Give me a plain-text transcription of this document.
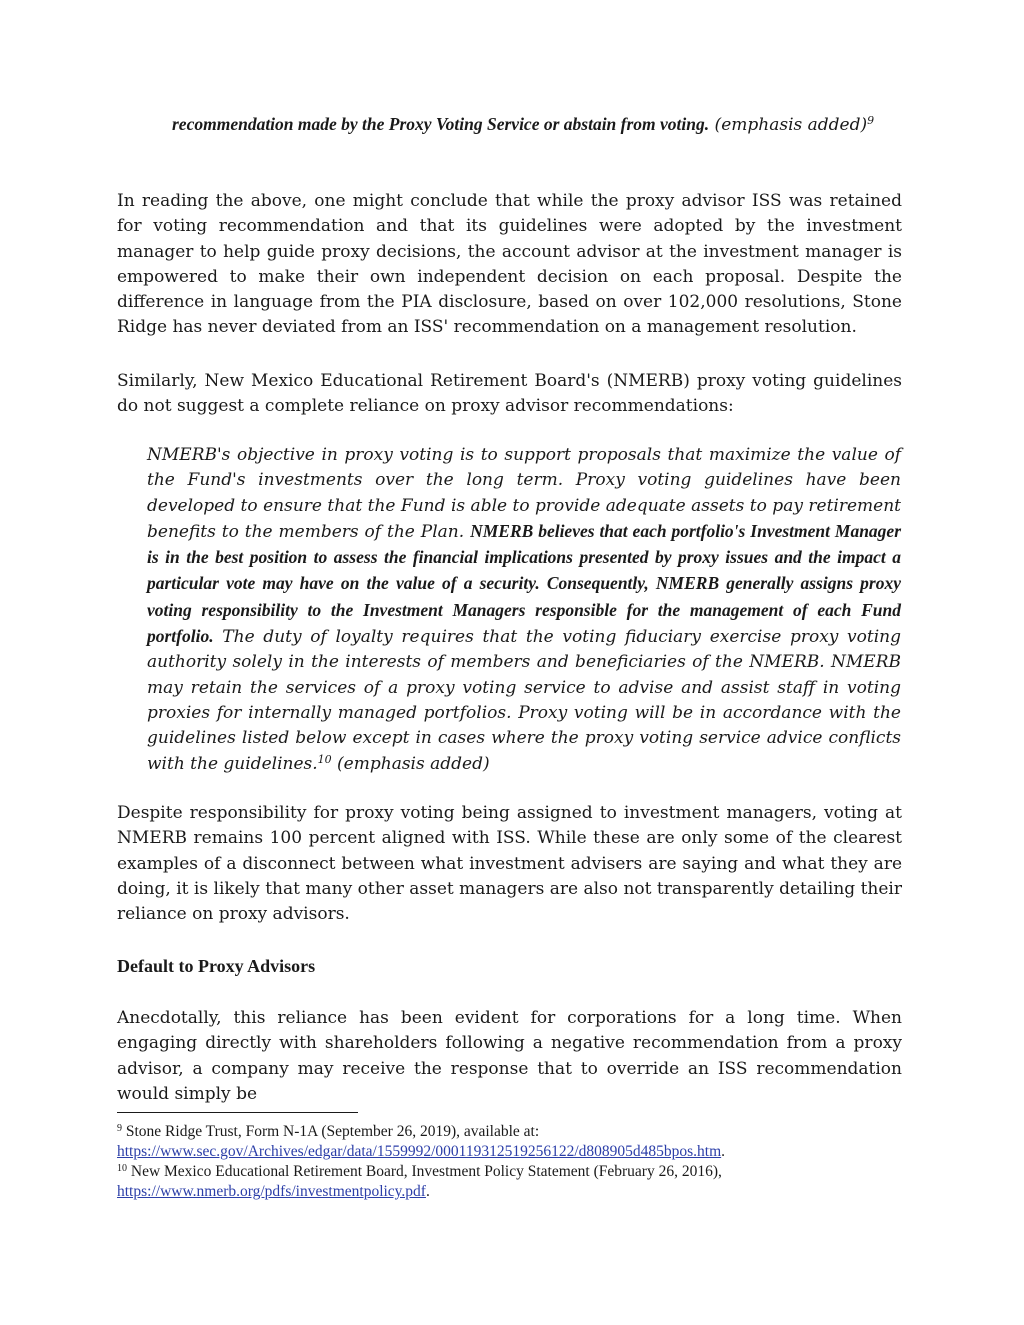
recommendation made by the Proxy Voting Service or abstain from voting. (emphasis added)$^9$
In reading the above, one might conclude that while the proxy advisor ISS was retained for voting recommendation and that its guidelines were adopted by the investment manager to help guide proxy decisions, the account advisor at the investment manager is empowered to make their own independent decision on each proposal. Despite the difference in language from the PIA disclosure, based on over 102,000 resolutions, Stone Ridge has never deviated from an ISS' recommendation on a management resolution.
Similarly, New Mexico Educational Retirement Board's (NMERB) proxy voting guidelines do not suggest a complete reliance on proxy advisor recommendations:
NMERB's objective in proxy voting is to support proposals that maximize the value of the Fund's investments over the long term. Proxy voting guidelines have been developed to ensure that the Fund is able to provide adequate assets to pay retirement benefits to the members of the Plan. NMERB believes that each portfolio's Investment Manager is in the best position to assess the financial implications presented by proxy issues and the impact a particular vote may have on the value of a security. Consequently, NMERB generally assigns proxy voting responsibility to the Investment Managers responsible for the management of each Fund portfolio. The duty of loyalty requires that the voting fiduciary exercise proxy voting authority solely in the interests of members and beneficiaries of the NMERB. NMERB may retain the services of a proxy voting service to advise and assist staff in voting proxies for internally managed portfolios. Proxy voting will be in accordance with the guidelines listed below except in cases where the proxy voting service advice conflicts with the guidelines.$^{10}$ (emphasis added)
Despite responsibility for proxy voting being assigned to investment managers, voting at NMERB remains 100 percent aligned with ISS. While these are only some of the clearest examples of a disconnect between what investment advisers are saying and what they are doing, it is likely that many other asset managers are also not transparently detailing their reliance on proxy advisors.
Default to Proxy Advisors
Anecdotally, this reliance has been evident for corporations for a long time. When engaging directly with shareholders following a negative recommendation from a proxy advisor, a company may receive the response that to override an ISS recommendation would simply be
$^9$ Stone Ridge Trust, Form N-1A (September 26, 2019), available at:
https://www.sec.gov/Archives/edgar/data/1559992/000119312519256122/d808905d485bpos.htm.
$^{10}$ New Mexico Educational Retirement Board, Investment Policy Statement (February 26, 2016),
https://www.nmerb.org/pdfs/investmentpolicy.pdf.
